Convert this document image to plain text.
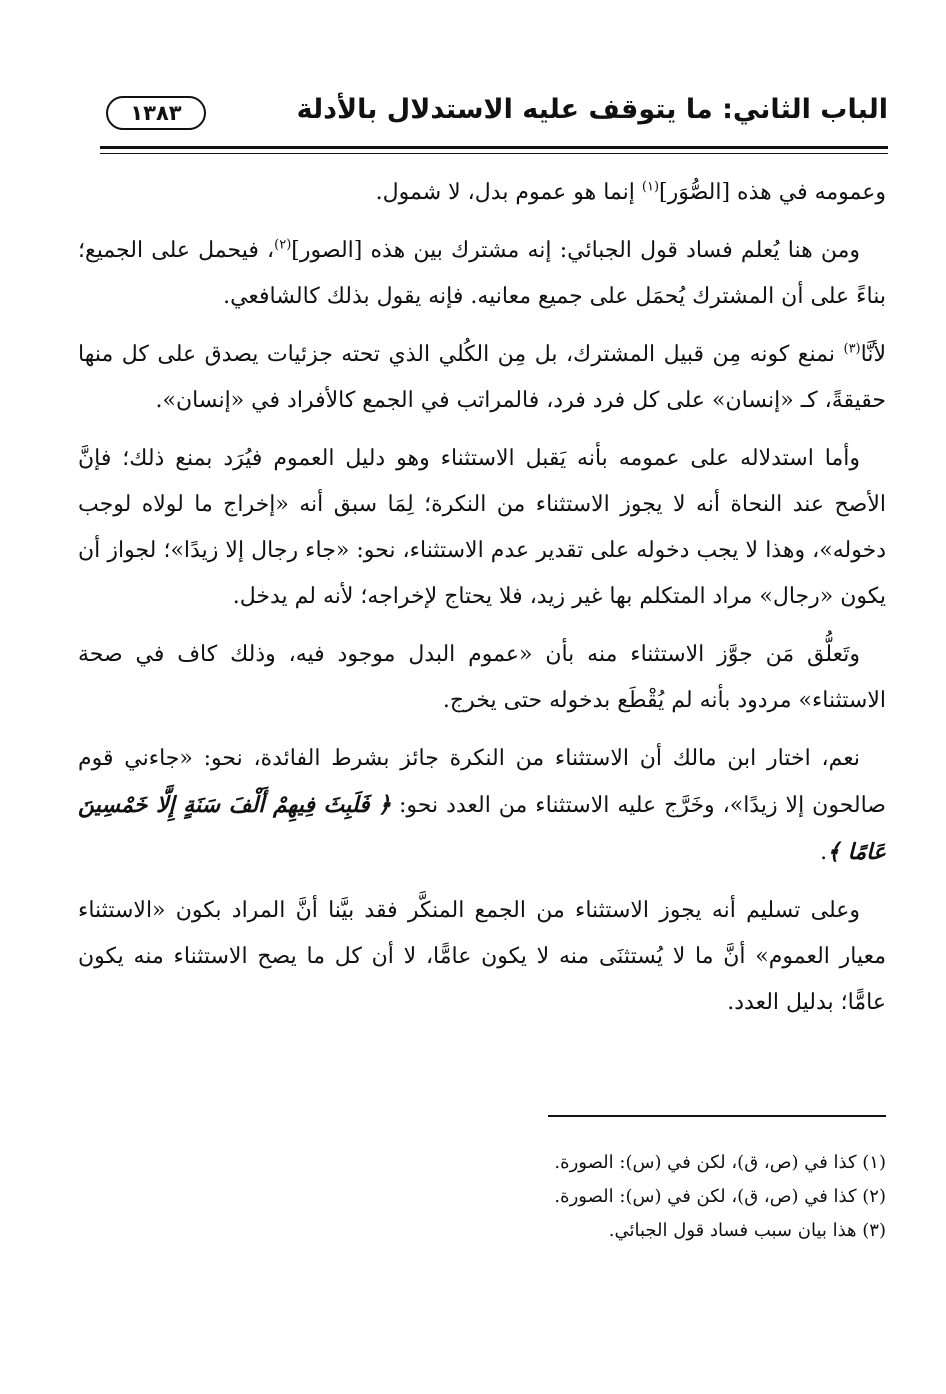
الباب الثاني: ما يتوقف عليه الاستدلال بالأدلة
١٣٨٣

وعمومه في هذه [الصُّوَر]$^{(١)}$ إنما هو عموم بدل، لا شمول.

ومن هنا يُعلم فساد قول الجبائي: إنه مشترك بين هذه [الصور]$^{(٢)}$، فيحمل على الجميع؛ بناءً على أن المشترك يُحمَل على جميع معانيه. فإنه يقول بذلك كالشافعي.

لأنَّا$^{(٣)}$ نمنع كونه مِن قبيل المشترك، بل مِن الكُلي الذي تحته جزئيات يصدق على كل منها حقيقةً، كـ «إنسان» على كل فرد فرد، فالمراتب في الجمع كالأفراد في «إنسان».

وأما استدلاله على عمومه بأنه يَقبل الاستثناء وهو دليل العموم فيُرَد بمنع ذلك؛ فإنَّ الأصح عند النحاة أنه لا يجوز الاستثناء من النكرة؛ لِمَا سبق أنه «إخراج ما لولاه لوجب دخوله»، وهذا لا يجب دخوله على تقدير عدم الاستثناء، نحو: «جاء رجال إلا زيدًا»؛ لجواز أن يكون «رجال» مراد المتكلم بها غير زيد، فلا يحتاج لإخراجه؛ لأنه لم يدخل.

وتَعلُّق مَن جوَّز الاستثناء منه بأن «عموم البدل موجود فيه، وذلك كاف في صحة الاستثناء» مردود بأنه لم يُقْطَع بدخوله حتى يخرج.

نعم، اختار ابن مالك أن الاستثناء من النكرة جائز بشرط الفائدة، نحو: «جاءني قوم صالحون إلا زيدًا»، وخَرَّج عليه الاستثناء من العدد نحو: ﴿ فَلَبِثَ فِيهِمْ أَلْفَ سَنَةٍ إِلَّا خَمْسِينَ عَامًا ﴾.

وعلى تسليم أنه يجوز الاستثناء من الجمع المنكَّر فقد بيَّنا أنَّ المراد بكون «الاستثناء معيار العموم» أنَّ ما لا يُستثنَى منه لا يكون عامًّا، لا أن كل ما يصح الاستثناء منه يكون عامًّا؛ بدليل العدد.

(١) كذا في (ص، ق)، لكن في (س): الصورة.
(٢) كذا في (ص، ق)، لكن في (س): الصورة.
(٣) هذا بيان سبب فساد قول الجبائي.
